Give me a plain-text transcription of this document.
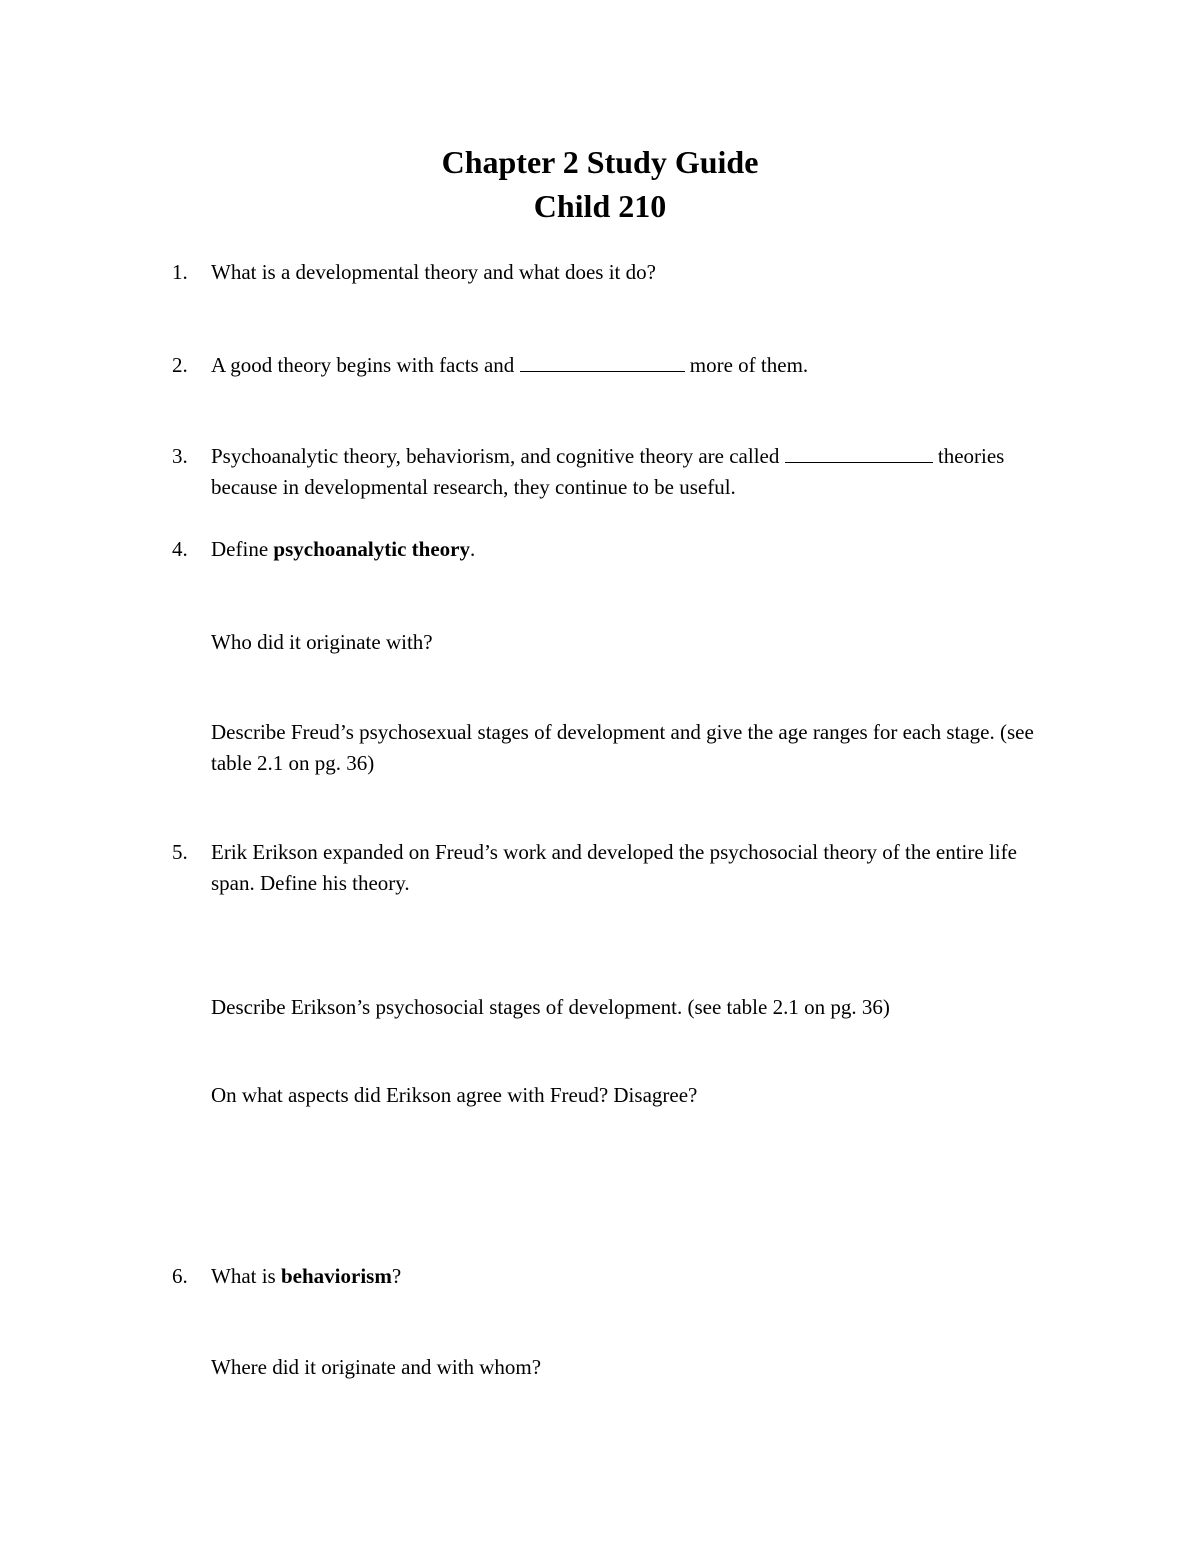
Chapter 2 Study Guide
Child 210
1.	What is a developmental theory and what does it do?
2.	A good theory begins with facts and	more of them.
3.	Psychoanalytic theory, behaviorism, and cognitive theory are called	theories because in developmental research, they continue to be useful.
4.	Define psychoanalytic theory.
Who did it originate with?
Describe Freud’s psychosexual stages of development and give the age ranges for each stage. (see table 2.1 on pg. 36)
5.	Erik Erikson expanded on Freud’s work and developed the psychosocial theory of the entire life span. Define his theory.
Describe Erikson’s psychosocial stages of development. (see table 2.1 on pg. 36)
On what aspects did Erikson agree with Freud? Disagree?
6.	What is behaviorism?
Where did it originate and with whom?
